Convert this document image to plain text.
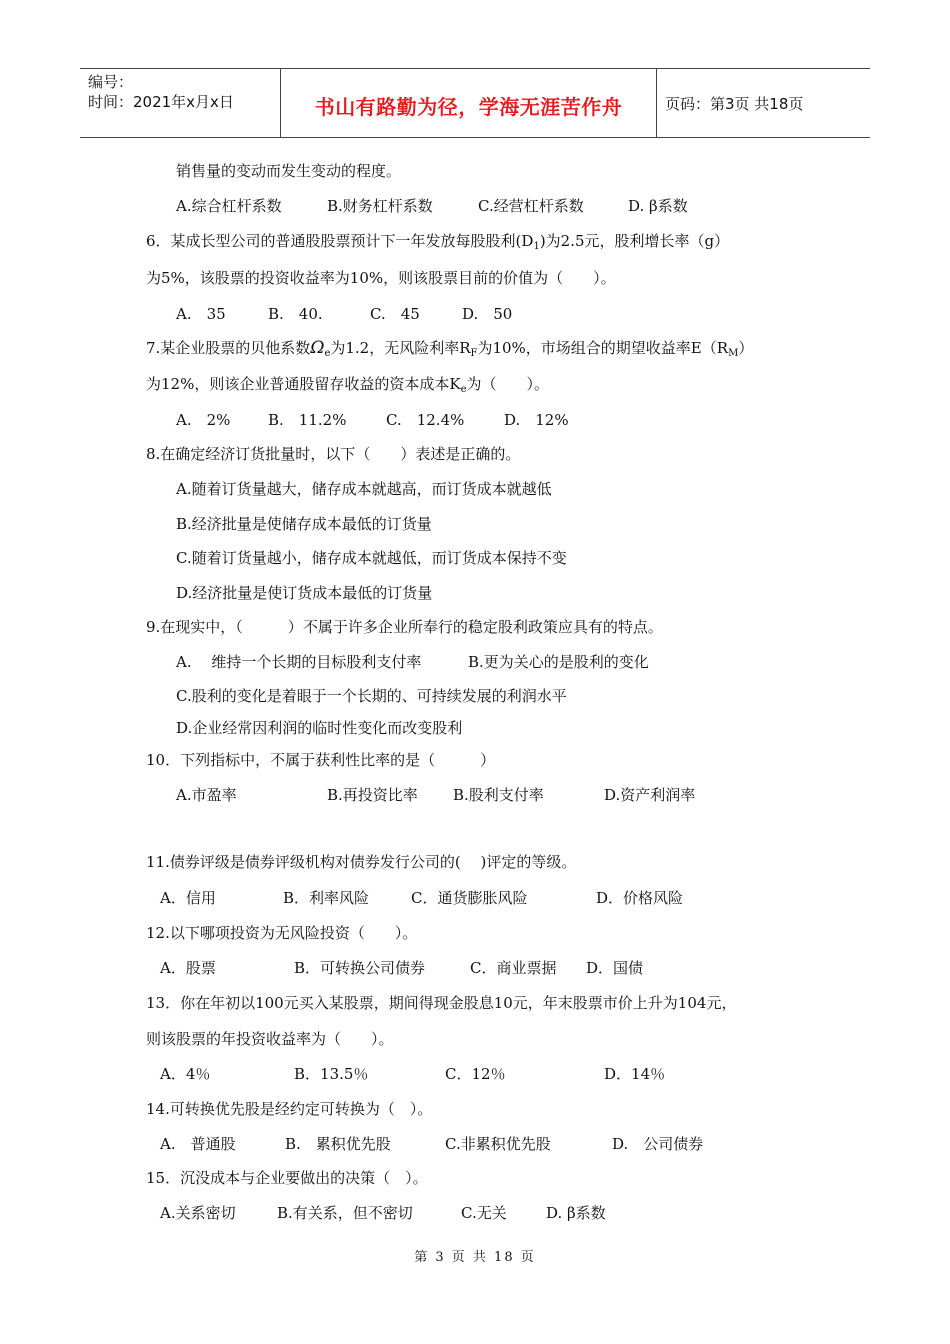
编号：
时间：2021年x月x日	书山有路勤为径，学海无涯苦作舟	页码：第3页 共18页
销售量的变动而发生变动的程度。
A.综合杠杆系数	B.财务杠杆系数	C.经营杠杆系数	D. β系数
6．某成长型公司的普通股股票预计下一年发放每股股利$(D_1)$为2.5元，股利增长率（g）
为5%，该股票的投资收益率为10%，则该股票目前的价值为（　　）。
A.　35	B.　40.	C.　45	D.　50
7.某企业股票的贝他系数$\Omega_e$为1.2，无风险利率$R_F$为10%，市场组合的期望收益率$E(R_M)$
为12%，则该企业普通股留存收益的资本成本$K_e$为（　　）。
A.　2%	B.　11.2%	C.　12.4%	D.　12%
8.在确定经济订货批量时，以下（　　）表述是正确的。
A.随着订货量越大，储存成本就越高，而订货成本就越低
B.经济批量是使储存成本最低的订货量
C.随着订货量越小，储存成本就越低，而订货成本保持不变
D.经济批量是使订货成本最低的订货量
9.在现实中，（　　　）不属于许多企业所奉行的稳定股利政策应具有的特点。
A.　 维持一个长期的目标股利支付率	B.更为关心的是股利的变化
C.股利的变化是着眼于一个长期的、可持续发展的利润水平
D.企业经常因利润的临时性变化而改变股利
10．下列指标中，不属于获利性比率的是（　　　）
A.市盈率	B.再投资比率 B.股利支付率	D.资产利润率
11.债券评级是债券评级机构对债券发行公司的(　 )评定的等级。
A．信用	B．利率风险	C．通货膨胀风险	D．价格风险
12.以下哪项投资为无风险投资（　　）。
A．股票	B．可转换公司债券	C．商业票据 D．国债
13．你在年初以100元买入某股票，期间得现金股息10元，年末股票市价上升为104元，
则该股票的年投资收益率为（　　）。
A．4％	B．13.5％	C．12％	D．14％
14.可转换优先股是经约定可转换为（　）。
A.　普通股	B.　累积优先股	C.非累积优先股	D.　公司债券
15．沉没成本与企业要做出的决策（　）。
A.关系密切	B.有关系，但不密切	C.无关	D. β系数
第 3 页 共 18 页
